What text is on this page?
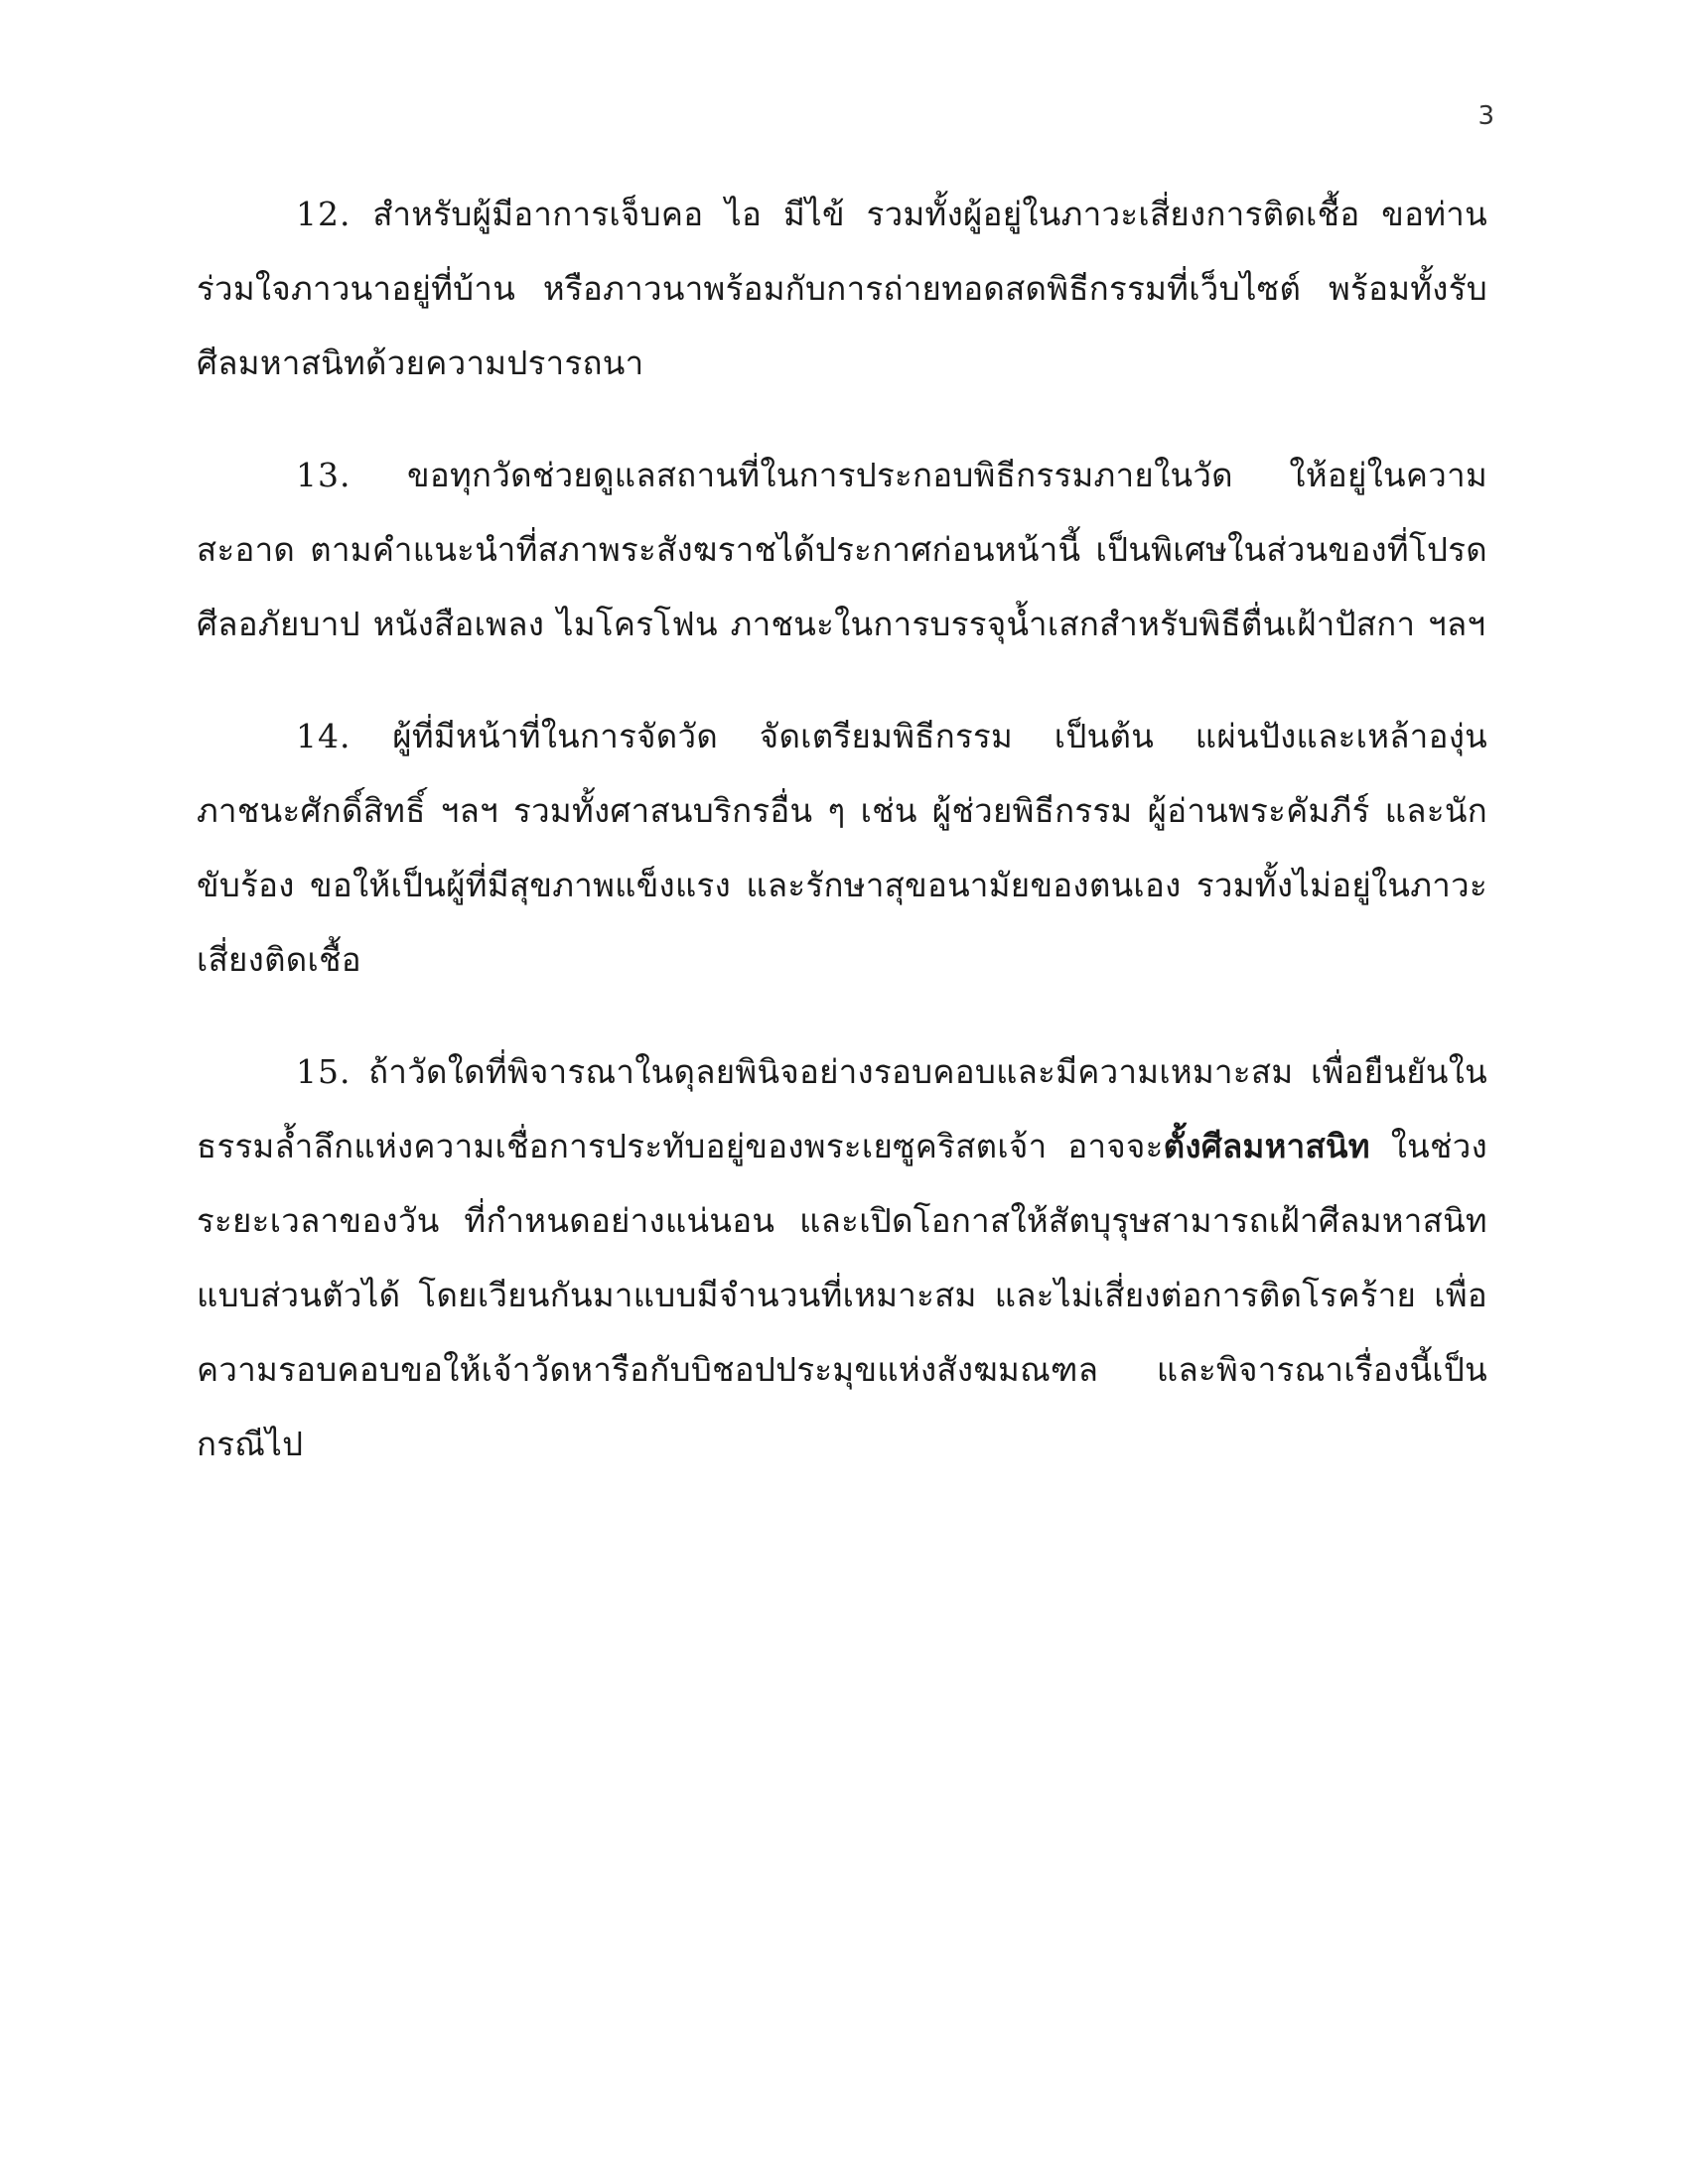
3

12. สำหรับผู้มีอาการเจ็บคอ ไอ มีไข้ รวมทั้งผู้อยู่ในภาวะเสี่ยงการติดเชื้อ ขอท่านร่วมใจภาวนาอยู่ที่บ้าน หรือภาวนาพร้อมกับการถ่ายทอดสดพิธีกรรมที่เว็บไซต์ พร้อมทั้งรับศีลมหาสนิทด้วยความปรารถนา

13. ขอทุกวัดช่วยดูแลสถานที่ในการประกอบพิธีกรรมภายในวัด ให้อยู่ในความสะอาด ตามคำแนะนำที่สภาพระสังฆราชได้ประกาศก่อนหน้านี้ เป็นพิเศษในส่วนของที่โปรดศีลอภัยบาป หนังสือเพลง ไมโครโฟน ภาชนะในการบรรจุน้ำเสกสำหรับพิธีตื่นเฝ้าปัสกา ฯลฯ

14. ผู้ที่มีหน้าที่ในการจัดวัด จัดเตรียมพิธีกรรม เป็นต้น แผ่นปังและเหล้าองุ่น ภาชนะศักดิ์สิทธิ์ ฯลฯ รวมทั้งศาสนบริกรอื่น ๆ เช่น ผู้ช่วยพิธีกรรม ผู้อ่านพระคัมภีร์ และนักขับร้อง ขอให้เป็นผู้ที่มีสุขภาพแข็งแรง และรักษาสุขอนามัยของตนเอง รวมทั้งไม่อยู่ในภาวะเสี่ยงติดเชื้อ

15. ถ้าวัดใดที่พิจารณาในดุลยพินิจอย่างรอบคอบและมีความเหมาะสม เพื่อยืนยันในธรรมล้ำลึกแห่งความเชื่อการประทับอยู่ของพระเยซูคริสตเจ้า อาจจะตั้งศีลมหาสนิท ในช่วงระยะเวลาของวัน ที่กำหนดอย่างแน่นอน และเปิดโอกาสให้สัตบุรุษสามารถเฝ้าศีลมหาสนิทแบบส่วนตัวได้ โดยเวียนกันมาแบบมีจำนวนที่เหมาะสม และไม่เสี่ยงต่อการติดโรคร้าย เพื่อความรอบคอบขอให้เจ้าวัดหารือกับบิชอปประมุขแห่งสังฆมณฑล และพิจารณาเรื่องนี้เป็นกรณีไป
